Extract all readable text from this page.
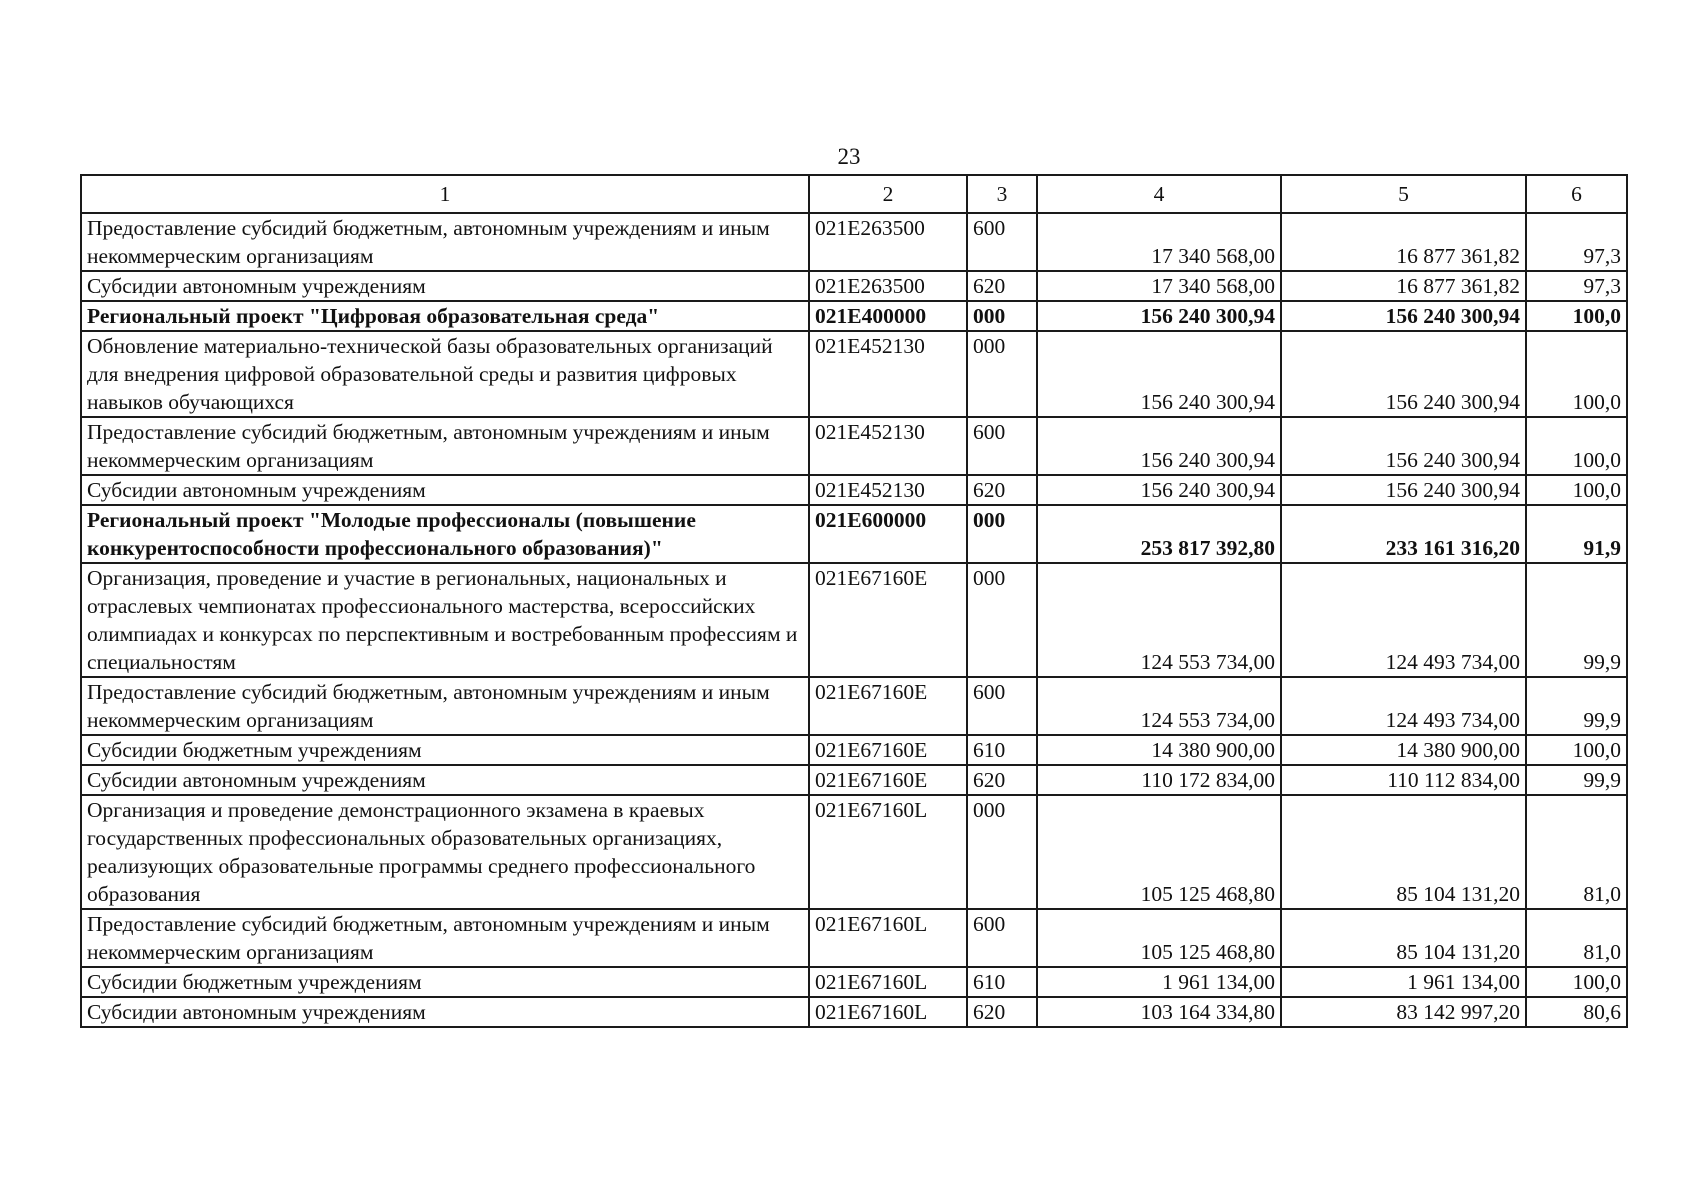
23
1	2	3	4	5	6
Предоставление субсидий бюджетным, автономным учреждениям и иным некоммерческим организациям	021E263500	600	17 340 568,00	16 877 361,82	97,3
Субсидии автономным учреждениям	021E263500	620	17 340 568,00	16 877 361,82	97,3
Региональный проект "Цифровая образовательная среда"	021E400000	000	156 240 300,94	156 240 300,94	100,0
Обновление материально-технической базы образовательных организаций для внедрения цифровой образовательной среды и развития цифровых навыков обучающихся	021E452130	000	156 240 300,94	156 240 300,94	100,0
Предоставление субсидий бюджетным, автономным учреждениям и иным некоммерческим организациям	021E452130	600	156 240 300,94	156 240 300,94	100,0
Субсидии автономным учреждениям	021E452130	620	156 240 300,94	156 240 300,94	100,0
Региональный проект "Молодые профессионалы (повышение конкурентоспособности профессионального образования)"	021E600000	000	253 817 392,80	233 161 316,20	91,9
Организация, проведение и участие в региональных, национальных и отраслевых чемпионатах профессионального мастерства, всероссийских олимпиадах и конкурсах по перспективным и востребованным профессиям и специальностям	021E67160E	000	124 553 734,00	124 493 734,00	99,9
Предоставление субсидий бюджетным, автономным учреждениям и иным некоммерческим организациям	021E67160E	600	124 553 734,00	124 493 734,00	99,9
Субсидии бюджетным учреждениям	021E67160E	610	14 380 900,00	14 380 900,00	100,0
Субсидии автономным учреждениям	021E67160E	620	110 172 834,00	110 112 834,00	99,9
Организация и проведение демонстрационного экзамена в краевых государственных профессиональных образовательных организациях, реализующих образовательные программы среднего профессионального образования	021E67160L	000	105 125 468,80	85 104 131,20	81,0
Предоставление субсидий бюджетным, автономным учреждениям и иным некоммерческим организациям	021E67160L	600	105 125 468,80	85 104 131,20	81,0
Субсидии бюджетным учреждениям	021E67160L	610	1 961 134,00	1 961 134,00	100,0
Субсидии автономным учреждениям	021E67160L	620	103 164 334,80	83 142 997,20	80,6
